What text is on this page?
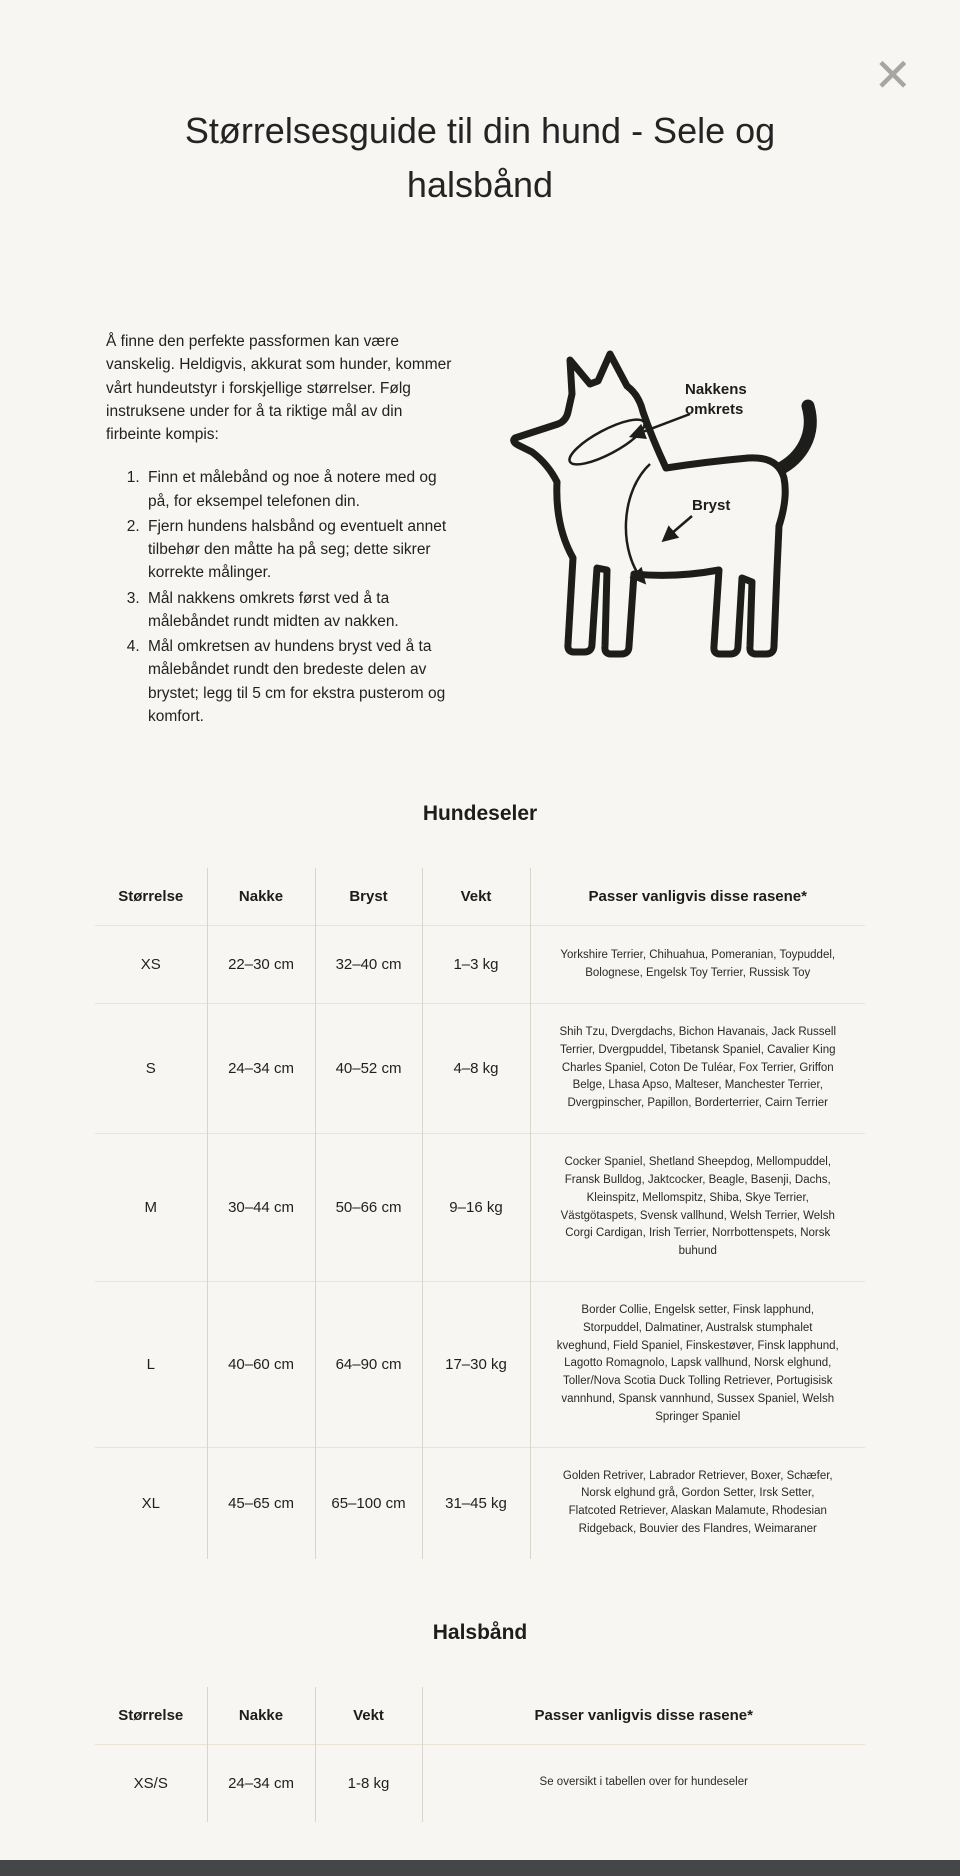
✕
Størrelsesguide til din hund - Sele og halsbånd

Å finne den perfekte passformen kan være vanskelig. Heldigvis, akkurat som hunder, kommer vårt hundeutstyr i forskjellige størrelser. Følg instruksene under for å ta riktige mål av din firbeinte kompis:

1. Finn et målebånd og noe å notere med og på, for eksempel telefonen din.
2. Fjern hundens halsbånd og eventuelt annet tilbehør den måtte ha på seg; dette sikrer korrekte målinger.
3. Mål nakkens omkrets først ved å ta målebåndet rundt midten av nakken.
4. Mål omkretsen av hundens bryst ved å ta målebåndet rundt den bredeste delen av brystet; legg til 5 cm for ekstra pusterom og komfort.
Nakkens omkrets
Bryst
Hundeseler
Størrelse	Nakke	Bryst	Vekt	Passer vanligvis disse rasene*
XS	22–30 cm	32–40 cm	1–3 kg	Yorkshire Terrier, Chihuahua, Pomeranian, Toypuddel, Bolognese, Engelsk Toy Terrier, Russisk Toy
S	24–34 cm	40–52 cm	4–8 kg	Shih Tzu, Dvergdachs, Bichon Havanais, Jack Russell Terrier, Dvergpuddel, Tibetansk Spaniel, Cavalier King Charles Spaniel, Coton De Tuléar, Fox Terrier, Griffon Belge, Lhasa Apso, Malteser, Manchester Terrier, Dvergpinscher, Papillon, Borderterrier, Cairn Terrier
M	30–44 cm	50–66 cm	9–16 kg	Cocker Spaniel, Shetland Sheepdog, Mellompuddel, Fransk Bulldog, Jaktcocker, Beagle, Basenji, Dachs, Kleinspitz, Mellomspitz, Shiba, Skye Terrier, Västgötaspets, Svensk vallhund, Welsh Terrier, Welsh Corgi Cardigan, Irish Terrier, Norrbottenspets, Norsk buhund
L	40–60 cm	64–90 cm	17–30 kg	Border Collie, Engelsk setter, Finsk lapphund, Storpuddel, Dalmatiner, Australsk stumphalet kveghund, Field Spaniel, Finskestøver, Finsk lapphund, Lagotto Romagnolo, Lapsk vallhund, Norsk elghund, Toller/Nova Scotia Duck Tolling Retriever, Portugisisk vannhund, Spansk vannhund, Sussex Spaniel, Welsh Springer Spaniel
XL	45–65 cm	65–100 cm	31–45 kg	Golden Retriver, Labrador Retriever, Boxer, Schæfer, Norsk elghund grå, Gordon Setter, Irsk Setter, Flatcoted Retriever, Alaskan Malamute, Rhodesian Ridgeback, Bouvier des Flandres, Weimaraner
Halsbånd
Størrelse	Nakke	Vekt	Passer vanligvis disse rasene*
XS/S	24–34 cm	1-8 kg	Se oversikt i tabellen over for hundeseler
